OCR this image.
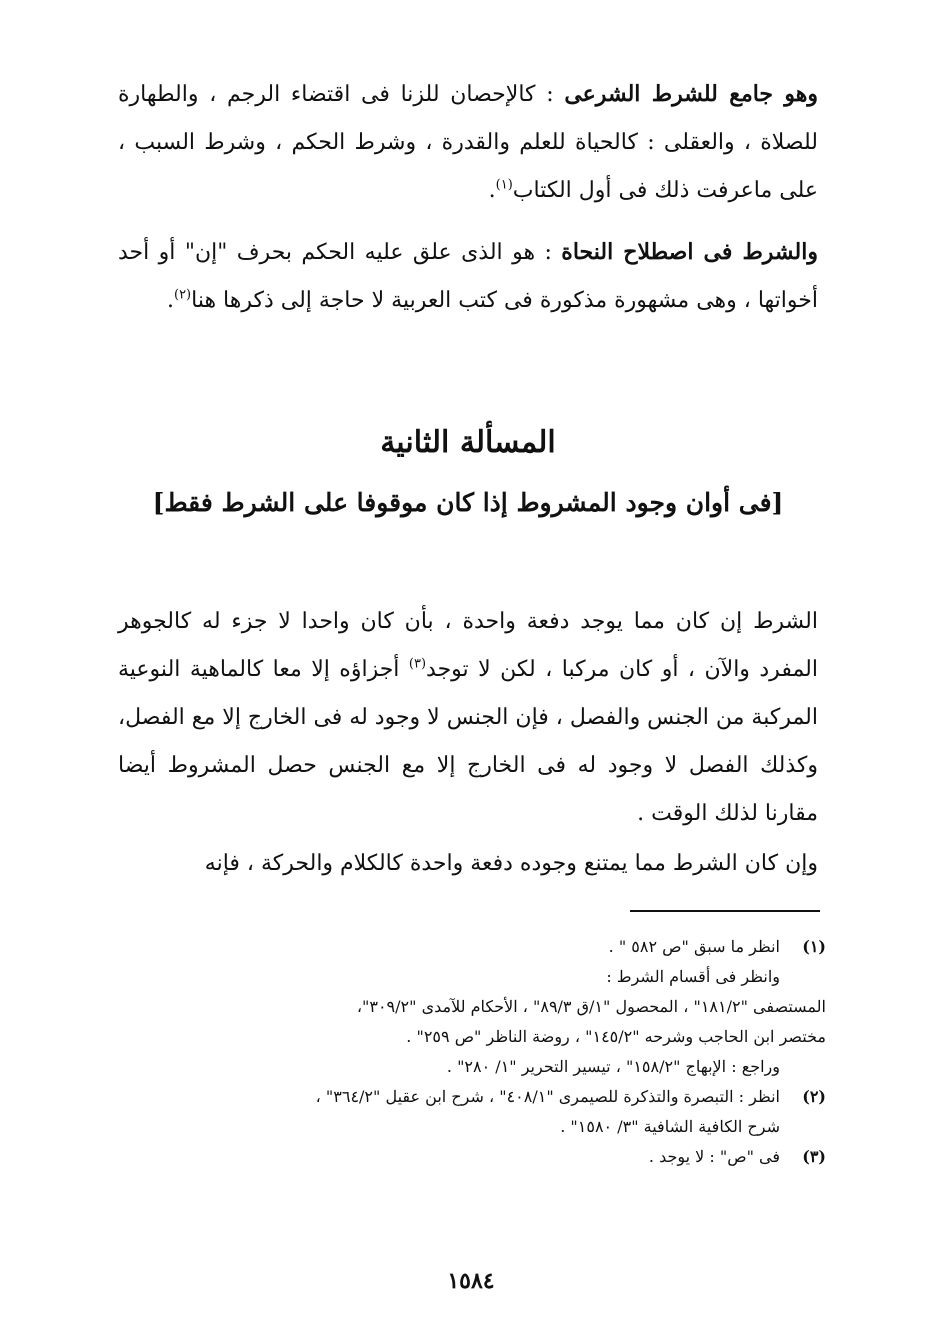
وهو جامع للشرط الشرعى : كالإحصان للزنا فى اقتضاء الرجم ، والطهارة للصلاة ، والعقلى : كالحياة للعلم والقدرة ، وشرط الحكم ، وشرط السبب ، على ماعرفت ذلك فى أول الكتاب$^{(١)}$.

والشرط فى اصطلاح النحاة : هو الذى علق عليه الحكم بحرف "إن" أو أحد أخواتها ، وهى مشهورة مذكورة فى كتب العربية لا حاجة إلى ذكرها هنا$^{(٢)}$.

المسألة الثانية
[فى أوان وجود المشروط إذا كان موقوفا على الشرط فقط]

الشرط إن كان مما يوجد دفعة واحدة ، بأن كان واحدا لا جزء له كالجوهر المفرد والآن ، أو كان مركبا ، لكن لا توجد$^{(٣)}$ أجزاؤه إلا معا كالماهية النوعية المركبة من الجنس والفصل ، فإن الجنس لا وجود له فى الخارج إلا مع الفصل، وكذلك الفصل لا وجود له فى الخارج إلا مع الجنس حصل المشروط أيضا مقارنا لذلك الوقت .

وإن كان الشرط مما يمتنع وجوده دفعة واحدة كالكلام والحركة ، فإنه

(١)
انظر ما سبق "ص ٥٨٢ " .
وانظر فى أقسام الشرط :
المستصفى "١٨١/٢" ، المحصول "١/ق ٨٩/٣" ، الأحكام للآمدى "٣٠٩/٢"،
مختصر ابن الحاجب وشرحه "١٤٥/٢" ، روضة الناظر "ص ٢٥٩" .
وراجع : الإبهاج "١٥٨/٢" ، تيسير التحرير "١/ ٢٨٠" .
(٢)
انظر : التبصرة والتذكرة للصيمرى "٤٠٨/١" ، شرح ابن عقيل "٣٦٤/٢" ،
شرح الكافية الشافية "٣/ ١٥٨٠" .
(٣)
فى "ص" : لا يوجد .
١٥٨٤
